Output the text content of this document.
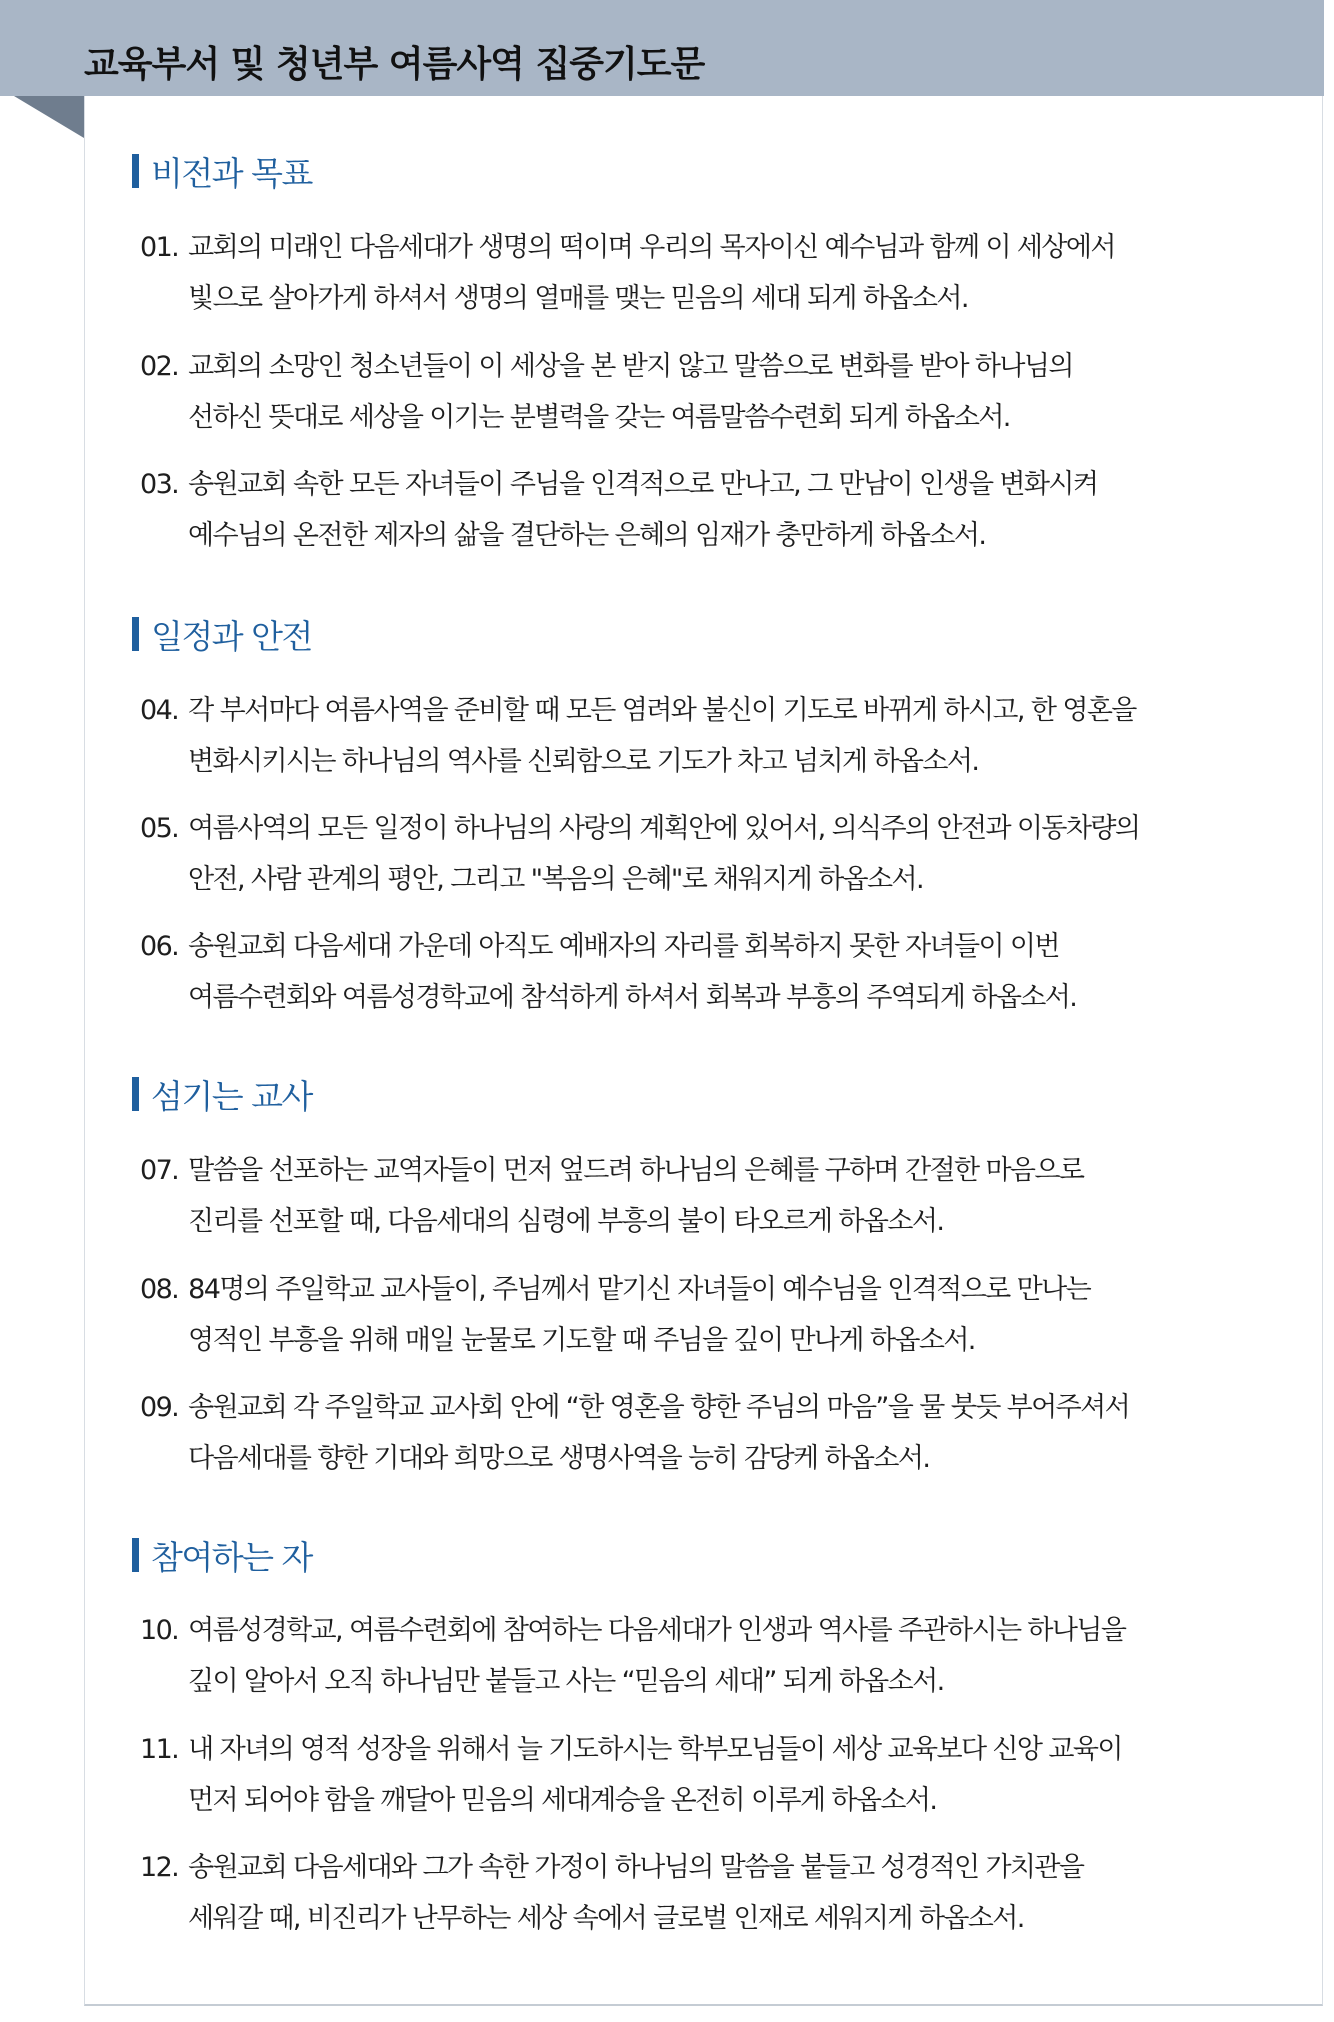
교육부서 및 청년부 여름사역 집중기도문
비전과 목표
01. 교회의 미래인 다음세대가 생명의 떡이며 우리의 목자이신 예수님과 함께 이 세상에서
빛으로 살아가게 하셔서 생명의 열매를 맺는 믿음의 세대 되게 하옵소서.
02. 교회의 소망인 청소년들이 이 세상을 본 받지 않고 말씀으로 변화를 받아 하나님의
선하신 뜻대로 세상을 이기는 분별력을 갖는 여름말씀수련회 되게 하옵소서.
03. 송원교회 속한 모든 자녀들이 주님을 인격적으로 만나고, 그 만남이 인생을 변화시켜
예수님의 온전한 제자의 삶을 결단하는 은혜의 임재가 충만하게 하옵소서.
일정과 안전
04. 각 부서마다 여름사역을 준비할 때 모든 염려와 불신이 기도로 바뀌게 하시고, 한 영혼을
변화시키시는 하나님의 역사를 신뢰함으로 기도가 차고 넘치게 하옵소서.
05. 여름사역의 모든 일정이 하나님의 사랑의 계획안에 있어서, 의식주의 안전과 이동차량의
안전, 사람 관계의 평안, 그리고 "복음의 은혜"로 채워지게 하옵소서.
06. 송원교회 다음세대 가운데 아직도 예배자의 자리를 회복하지 못한 자녀들이 이번
여름수련회와 여름성경학교에 참석하게 하셔서 회복과 부흥의 주역되게 하옵소서.
섬기는 교사
07. 말씀을 선포하는 교역자들이 먼저 엎드려 하나님의 은혜를 구하며 간절한 마음으로
진리를 선포할 때, 다음세대의 심령에 부흥의 불이 타오르게 하옵소서.
08. 84명의 주일학교 교사들이, 주님께서 맡기신 자녀들이 예수님을 인격적으로 만나는
영적인 부흥을 위해 매일 눈물로 기도할 때 주님을 깊이 만나게 하옵소서.
09. 송원교회 각 주일학교 교사회 안에 “한 영혼을 향한 주님의 마음”을 물 붓듯 부어주셔서
다음세대를 향한 기대와 희망으로 생명사역을 능히 감당케 하옵소서.
참여하는 자
10. 여름성경학교, 여름수련회에 참여하는 다음세대가 인생과 역사를 주관하시는 하나님을
깊이 알아서 오직 하나님만 붙들고 사는 “믿음의 세대” 되게 하옵소서.
11. 내 자녀의 영적 성장을 위해서 늘 기도하시는 학부모님들이 세상 교육보다 신앙 교육이
먼저 되어야 함을 깨달아 믿음의 세대계승을 온전히 이루게 하옵소서.
12. 송원교회 다음세대와 그가 속한 가정이 하나님의 말씀을 붙들고 성경적인 가치관을
세워갈 때, 비진리가 난무하는 세상 속에서 글로벌 인재로 세워지게 하옵소서.
